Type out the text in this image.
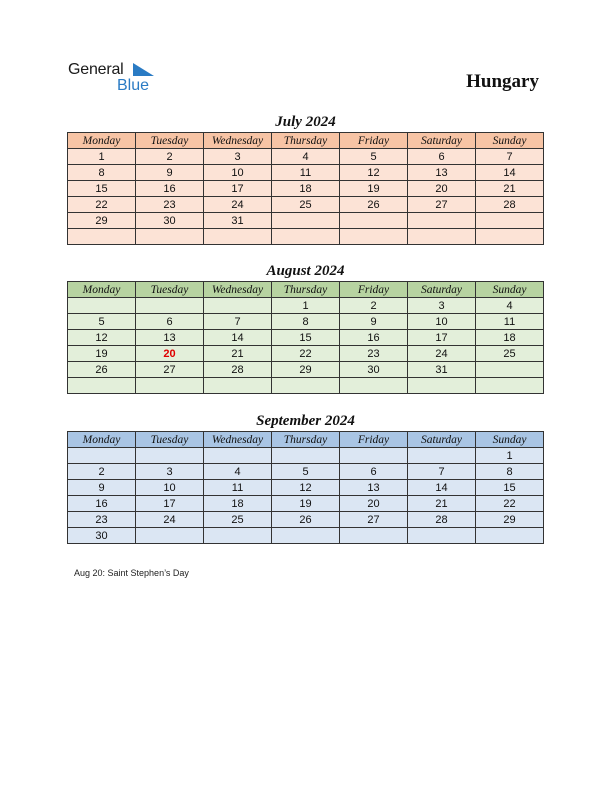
General
Blue	Hungary
July 2024
Monday	Tuesday	Wednesday	Thursday	Friday	Saturday	Sunday
1	2	3	4	5	6	7
8	9	10	11	12	13	14
15	16	17	18	19	20	21
22	23	24	25	26	27	28
29	30	31				

August 2024
Monday	Tuesday	Wednesday	Thursday	Friday	Saturday	Sunday
			1	2	3	4
5	6	7	8	9	10	11
12	13	14	15	16	17	18
19	20	21	22	23	24	25
26	27	28	29	30	31	

September 2024
Monday	Tuesday	Wednesday	Thursday	Friday	Saturday	Sunday
						1
2	3	4	5	6	7	8
9	10	11	12	13	14	15
16	17	18	19	20	21	22
23	24	25	26	27	28	29
30						
Aug 20: Saint Stephen’s Day
